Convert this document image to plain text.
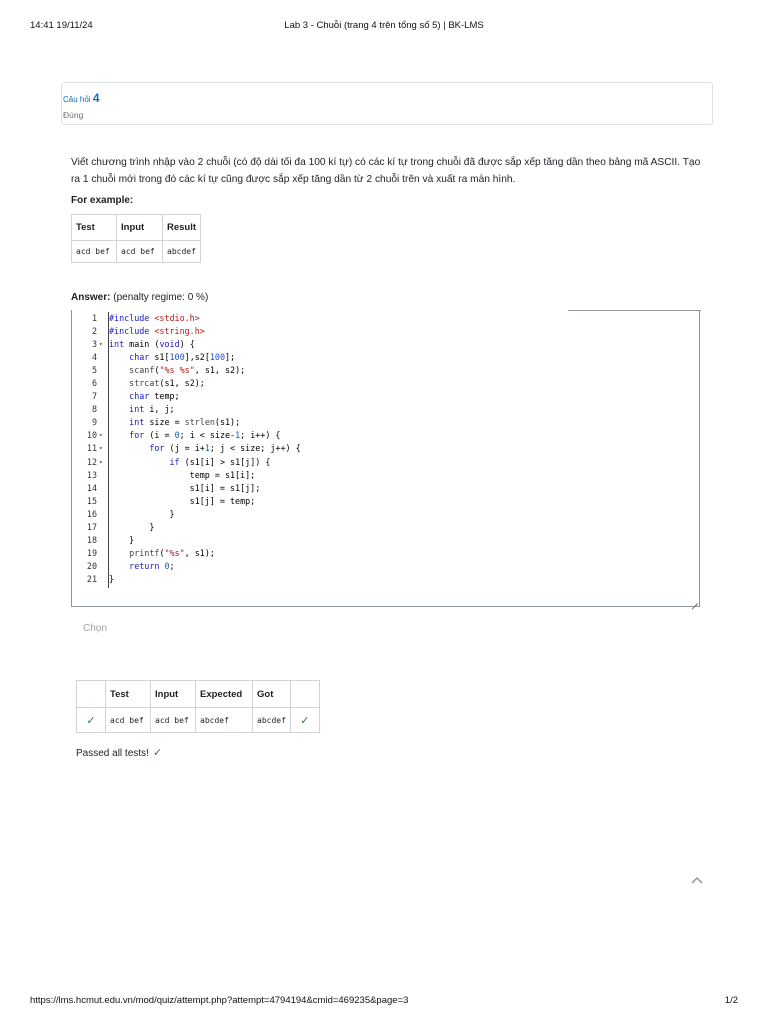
14:41 19/11/24	Lab 3 - Chuỗi (trang 4 trên tổng số 5) | BK-LMS
Câu hỏi 4
Đúng
Viết chương trình nhập vào 2 chuỗi (có độ dài tối đa 100 kí tự) có các kí tự trong chuỗi đã được sắp xếp tăng dần theo bảng mã ASCII. Tạo ra 1 chuỗi mới trong đó các kí tự cũng được sắp xếp tăng dần từ 2 chuỗi trên và xuất ra màn hình.
For example:
Test	Input	Result
acd bef	acd bef	abcdef
Answer: (penalty regime: 0 %)
1 #include <stdio.h>
2 #include <string.h>
3 ▾ int main (void) {
4	char s1[100],s2[100];
5	scanf("%s %s", s1, s2);
6	strcat(s1, s2);
7	char temp;
8	int i, j;
9	int size = strlen(s1);
10 ▾	for (i = 0; i < size-1; i++) {
11 ▾	for (j = i+1; j < size; j++) {
12 ▾	if (s1[i] > s1[j]) {
13 temp = s1[i];
14 s1[i] = s1[j];
15 s1[j] = temp;
16 }
17 }
18 }
19	printf("%s", s1);
20	return 0;
21 }
Chọn
	Test	Input	Expected	Got	
✓	acd bef	acd bef	abcdef	abcdef	✓
Passed all tests! ✓
https://lms.hcmut.edu.vn/mod/quiz/attempt.php?attempt=4794194&cmid=469235&page=3	1/2
